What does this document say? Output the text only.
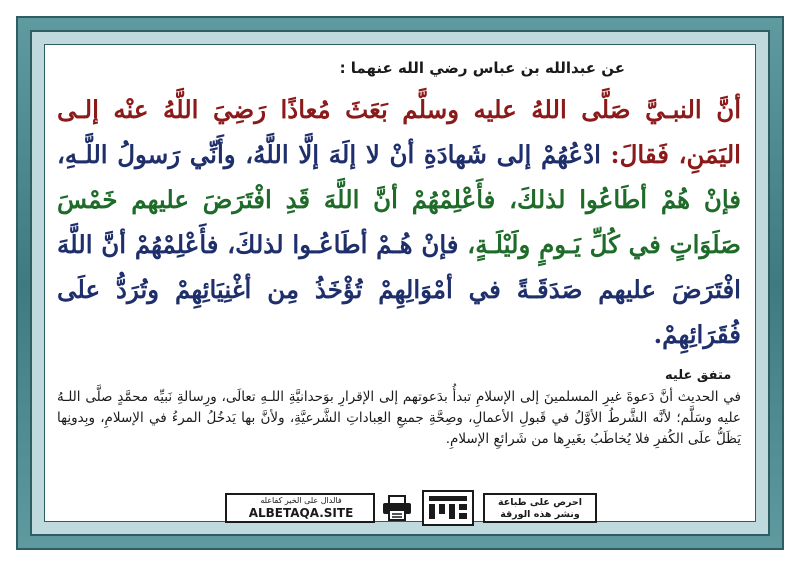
عن عبدالله بن عباس رضي الله عنهما :
أنَّ النبـيَّ صَلَّى اللهُ عليه وسلَّم بَعَثَ مُعاذًا رَضِيَ اللَّهُ عنْه إلـى اليَمَنِ، فَقالَ: ادْعُهُمْ إلى شَهادَةِ أنْ لا إلَهَ إلَّا اللَّهُ، وأَنِّي رَسولُ اللَّـهِ، فإنْ هُمْ أطَاعُوا لذلكَ، فأَعْلِمْهُمْ أنَّ اللَّهَ قَدِ افْتَرَضَ عليهم خَمْسَ صَلَوَاتٍ في كُلِّ يَـومٍ ولَيْلَـةٍ، فإنْ هُـمْ أطَاعُـوا لذلكَ، فأَعْلِمْهُمْ أنَّ اللَّهَ افْتَرَضَ عليهم صَدَقَـةً في أمْوَالِهِمْ تُؤْخَذُ مِن أغْنِيَائِهِمْ وتُرَدُّ علَى فُقَرَائِهِمْ.
متفق عليه
في الحديث أنَّ دَعوةَ غيرِ المسلمينَ إلى الإسلامِ تبدأُ بدَعوتهم إلى الإقرارِ بوَحدانيَّةِ اللـهِ تعالَى، ورِسالةِ نَبيِّه محمَّدٍ صلَّى اللـهُ عليه وسَلَّم؛ لأنَّه الشَّرطُ الأوَّلُ في قَبولِ الأعمالِ، وصِحَّةِ جميعِ العِباداتِ الشَّرعيَّةِ، ولأنَّ بها يَدخُلُ المرءُ في الإسلامِ، وبِدونِها يَظَلُّ علَى الكُفرِ فلا يُخاطَبُ بغَيرِها من شَرائعِ الإسلامِ.
فالدال على الخير كفاعله
ALBETAQA.SITE
احرص على طباعة
ونشر هذه الورقة
